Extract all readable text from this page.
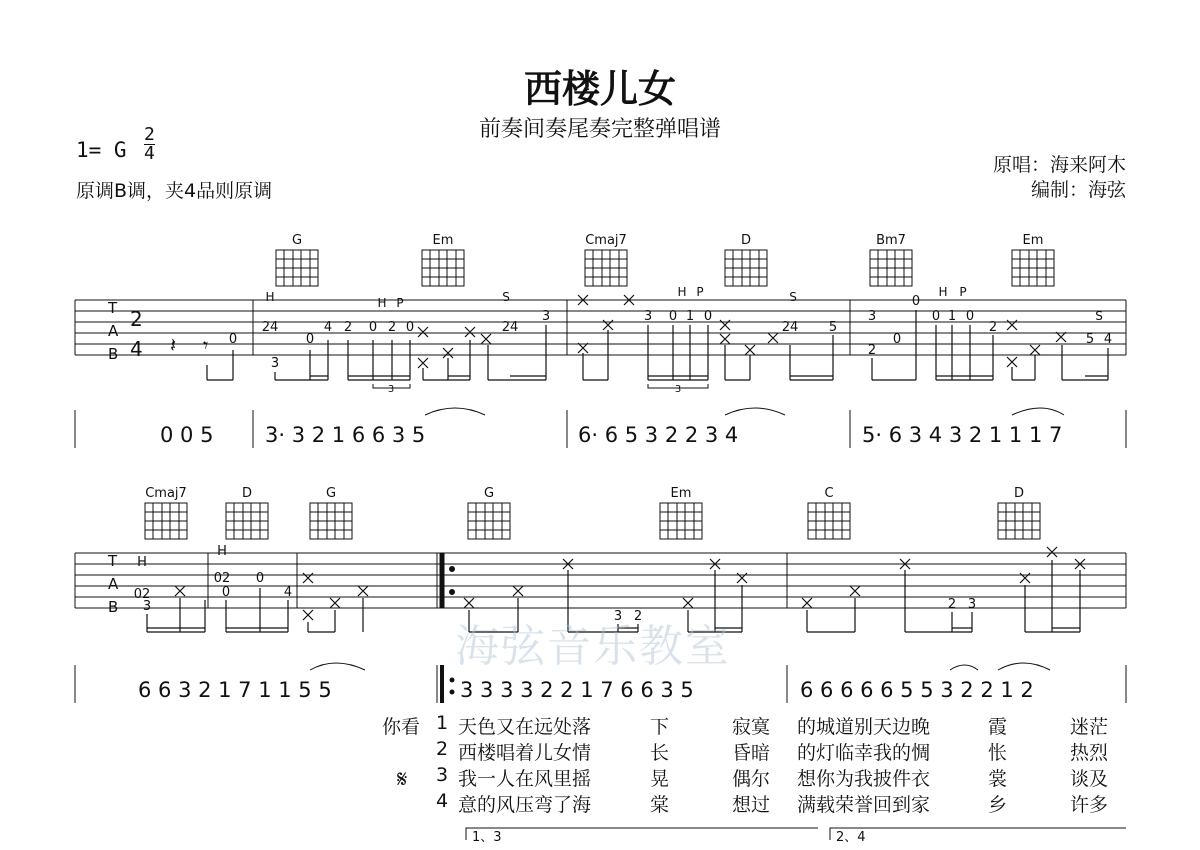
西楼儿女
前奏间奏尾奏完整弹唱谱
1= G
2
4
原调B调，夹4品则原调
原唱：海来阿木
编制：海弦
T
A
B
2
4	0
24
3
0
4 2 0 2 0	24
3	3 0 1 0
24 5
3
2
0
0
0 1 0
2
5 4
H	H P	S	H P	S	H P
S
3	3
𝄽 𝄾
G	Em	Cmaj7	D	Bm7	Em
0 0 5 3· 3 2 1 6 6 3 5	6· 6 5 3 2 2 3 4	5· 6 3 4 3 2 1 1 1 7
T
A
B
H
02
3
H
02
0
0
4
3 2
2 3
Cmaj7	D	G	G	Em	C	D
6 6 3 2 1 7 1 1 5 5	3 3 3 3 2 2 1 7 6 6 3 5	6 6 6 6 6 5 5 3 2 2 1 2
1、3	2、4
海弦音乐教室
你看
𝄋
1 天色又在远处落	下	寂寞 的城道别天边晚	霞	迷茫
2 西楼唱着儿女情	长	昏暗 的灯临幸我的惆	怅	热烈
3 我一人在风里摇	晃	偶尔 想你为我披件衣	裳	谈及
4 意的风压弯了海	棠	想过 满载荣誉回到家	乡	许多
